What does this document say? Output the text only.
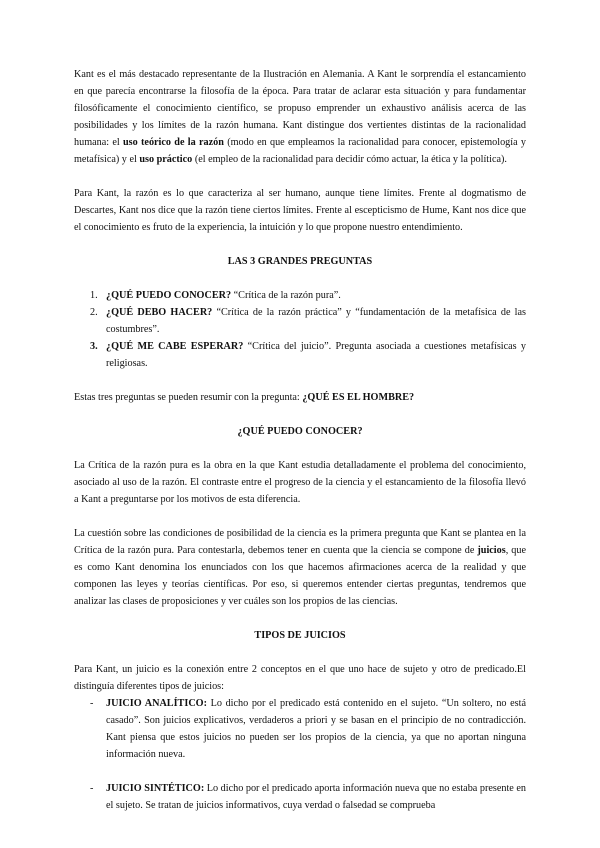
Kant es el más destacado representante de la Ilustración en Alemania. A Kant le sorprendía el estancamiento en que parecía encontrarse la filosofía de la época. Para tratar de aclarar esta situación y para fundamentar filosóficamente el conocimiento científico, se propuso emprender un exhaustivo análisis acerca de las posibilidades y los límites de la razón humana. Kant distingue dos vertientes distintas de la racionalidad humana: el uso teórico de la razón (modo en que empleamos la racionalidad para conocer, epistemología y metafísica) y el uso práctico (el empleo de la racionalidad para decidir cómo actuar, la ética y la política).

Para Kant, la razón es lo que caracteriza al ser humano, aunque tiene límites. Frente al dogmatismo de Descartes, Kant nos dice que la razón tiene ciertos límites. Frente al escepticismo de Hume, Kant nos dice que el conocimiento es fruto de la experiencia, la intuición y lo que propone nuestro entendimiento.

LAS 3 GRANDES PREGUNTAS
1. ¿QUÉ PUEDO CONOCER? “Crítica de la razón pura”.
2. ¿QUÉ DEBO HACER? “Crítica de la razón práctica” y “fundamentación de la metafísica de las costumbres”.
3. ¿QUÉ ME CABE ESPERAR? “Crítica del juicio”. Pregunta asociada a cuestiones metafísicas y religiosas.

Estas tres preguntas se pueden resumir con la pregunta: ¿QUÉ ES EL HOMBRE?

¿QUÉ PUEDO CONOCER?

La Crítica de la razón pura es la obra en la que Kant estudia detalladamente el problema del conocimiento, asociado al uso de la razón. El contraste entre el progreso de la ciencia y el estancamiento de la filosofía llevó a Kant a preguntarse por los motivos de esta diferencia.

La cuestión sobre las condiciones de posibilidad de la ciencia es la primera pregunta que Kant se plantea en la Crítica de la razón pura. Para contestarla, debemos tener en cuenta que la ciencia se compone de juicios, que es como Kant denomina los enunciados con los que hacemos afirmaciones acerca de la realidad y que componen las leyes y teorías científicas. Por eso, si queremos entender ciertas preguntas, tendremos que analizar las clases de proposiciones y ver cuáles son los propios de las ciencias.

TIPOS DE JUICIOS

Para Kant, un juicio es la conexión entre 2 conceptos en el que uno hace de sujeto y otro de predicado.El distinguía diferentes tipos de juicios:

- JUICIO ANALÍTICO: Lo dicho por el predicado está contenido en el sujeto. “Un soltero, no está casado”. Son juicios explicativos, verdaderos a priori y se basan en el principio de no contradicción. Kant piensa que estos juicios no pueden ser los propios de la ciencia, ya que no aportan ninguna información nueva.
- JUICIO SINTÉTICO: Lo dicho por el predicado aporta información nueva que no estaba presente en el sujeto. Se tratan de juicios informativos, cuya verdad o falsedad se comprueba
